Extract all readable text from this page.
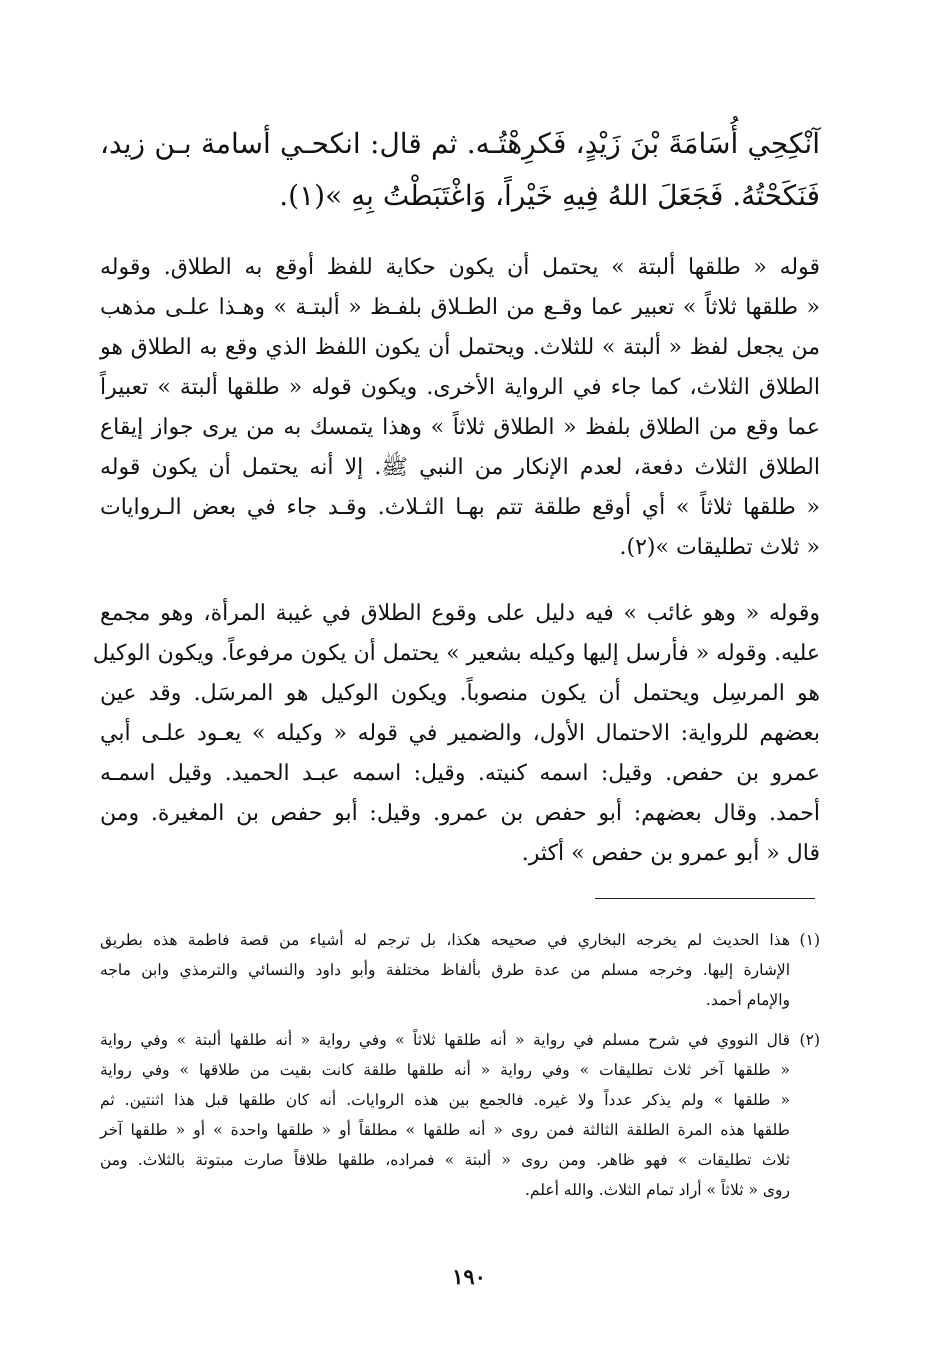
آنْكِحِي أُسَامَةَ بْنَ زَيْدٍ، فَكرِهْتُـه. ثم قال: انكحـي أسامة بـن زيد،

فَنَكَحْتُهُ. فَجَعَلَ اللهُ فِيهِ خَيْراً، وَاغْتَبَطْتُ بِهِ »(١).

قوله « طلقها ألبتة » يحتمل أن يكون حكاية للفظ أوقع به الطلاق. وقوله

« طلقها ثلاثاً » تعبير عما وقـع من الطـلاق بلفـظ « ألبتـة » وهـذا علـى مذهب

من يجعل لفظ « ألبتة » للثلاث. ويحتمل أن يكون اللفظ الذي وقع به الطلاق هو

الطلاق الثلاث، كما جاء في الرواية الأخرى. ويكون قوله « طلقها ألبتة » تعبيراً

عما وقع من الطلاق بلفظ « الطلاق ثلاثاً » وهذا يتمسك به من يرى جواز إيقاع

الطلاق الثلاث دفعة، لعدم الإنكار من النبي ﷺ. إلا أنه يحتمل أن يكون قوله

« طلقها ثلاثاً » أي أوقع طلقة تتم بهـا الثـلاث. وقـد جاء في بعض الـروايات

« ثلاث تطليقات »(٢).

وقوله « وهو غائب » فيه دليل على وقوع الطلاق في غيبة المرأة، وهو مجمع

عليه. وقوله « فأرسل إليها وكيله بشعير » يحتمل أن يكون مرفوعاً. ويكون الوكيل

هو المرسِل ويحتمل أن يكون منصوباً. ويكون الوكيل هو المرسَل. وقد عين

بعضهم للرواية: الاحتمال الأول، والضمير في قوله « وكيله » يعـود علـى أبي

عمرو بن حفص. وقيل: اسمه كنيته. وقيل: اسمه عبـد الحميد. وقيل اسمـه

أحمد. وقال بعضهم: أبو حفص بن عمرو. وقيل: أبو حفص بن المغيرة. ومن

قال « أبو عمرو بن حفص » أكثر.

(١)

هذا الحديث لم يخرجه البخاري في صحيحه هكذا، بل ترجم له أشياء من قصة فاطمة هذه بطريق

الإشارة إليها. وخرجه مسلم من عدة طرق بألفاظ مختلفة وأبو داود والنسائي والترمذي وابن ماجه

والإمام أحمد.

(٢)

قال النووي في شرح مسلم في رواية « أنه طلقها ثلاثاً » وفي رواية « أنه طلقها ألبتة » وفي رواية

« طلقها آخر ثلاث تطليقات » وفي رواية « أنه طلقها طلقة كانت بقيت من طلاقها » وفي رواية

« طلقها » ولم يذكر عدداً ولا غيره. فالجمع بين هذه الروايات. أنه كان طلقها قبل هذا اثنتين. ثم

طلقها هذه المرة الطلقة الثالثة فمن روى « أنه طلقها » مطلقاً أو « طلقها واحدة » أو « طلقها آخر

ثلاث تطليقات » فهو ظاهر. ومن روى « ألبتة » فمراده، طلقها طلاقاً صارت مبتوتة بالثلاث. ومن

روى « ثلاثاً » أراد تمام الثلاث. والله أعلم.

١٩٠
